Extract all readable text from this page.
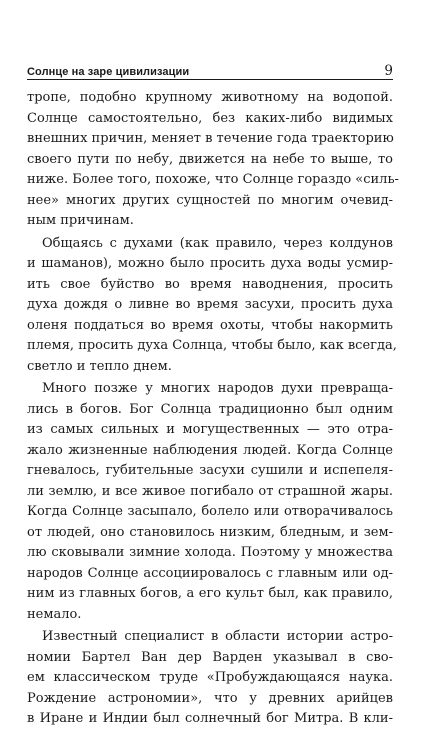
Солнце на заре цивилизации	9
тропе, подобно крупному животному на водопой.
Солнце самостоятельно, без каких-либо видимых
внешних причин, меняет в течение года траекторию
своего пути по небу, движется на небе то выше, то
ниже. Более того, похоже, что Солнце гораздо «силь-
нее» многих других сущностей по многим очевид-
ным причинам.
Общаясь с духами (как правило, через колдунов
и шаманов), можно было просить духа воды усмир-
ить свое буйство во время наводнения, просить
духа дождя о ливне во время засухи, просить духа
оленя поддаться во время охоты, чтобы накормить
племя, просить духа Солнца, чтобы было, как всегда,
светло и тепло днем.
Много позже у многих народов духи превраща-
лись в богов. Бог Солнца традиционно был одним
из самых сильных и могущественных — это отра-
жало жизненные наблюдения людей. Когда Солнце
гневалось, губительные засухи сушили и испепеля-
ли землю, и все живое погибало от страшной жары.
Когда Солнце засыпало, болело или отворачивалось
от людей, оно становилось низким, бледным, и зем-
лю сковывали зимние холода. Поэтому у множества
народов Солнце ассоциировалось с главным или од-
ним из главных богов, а его культ был, как правило,
немало.
Известный специалист в области истории астро-
номии Бартел Ван дер Варден указывал в сво-
ем классическом труде «Пробуждающаяся наука.
Рождение астрономии», что у древних арийцев
в Иране и Индии был солнечный бог Митра. В кли-
